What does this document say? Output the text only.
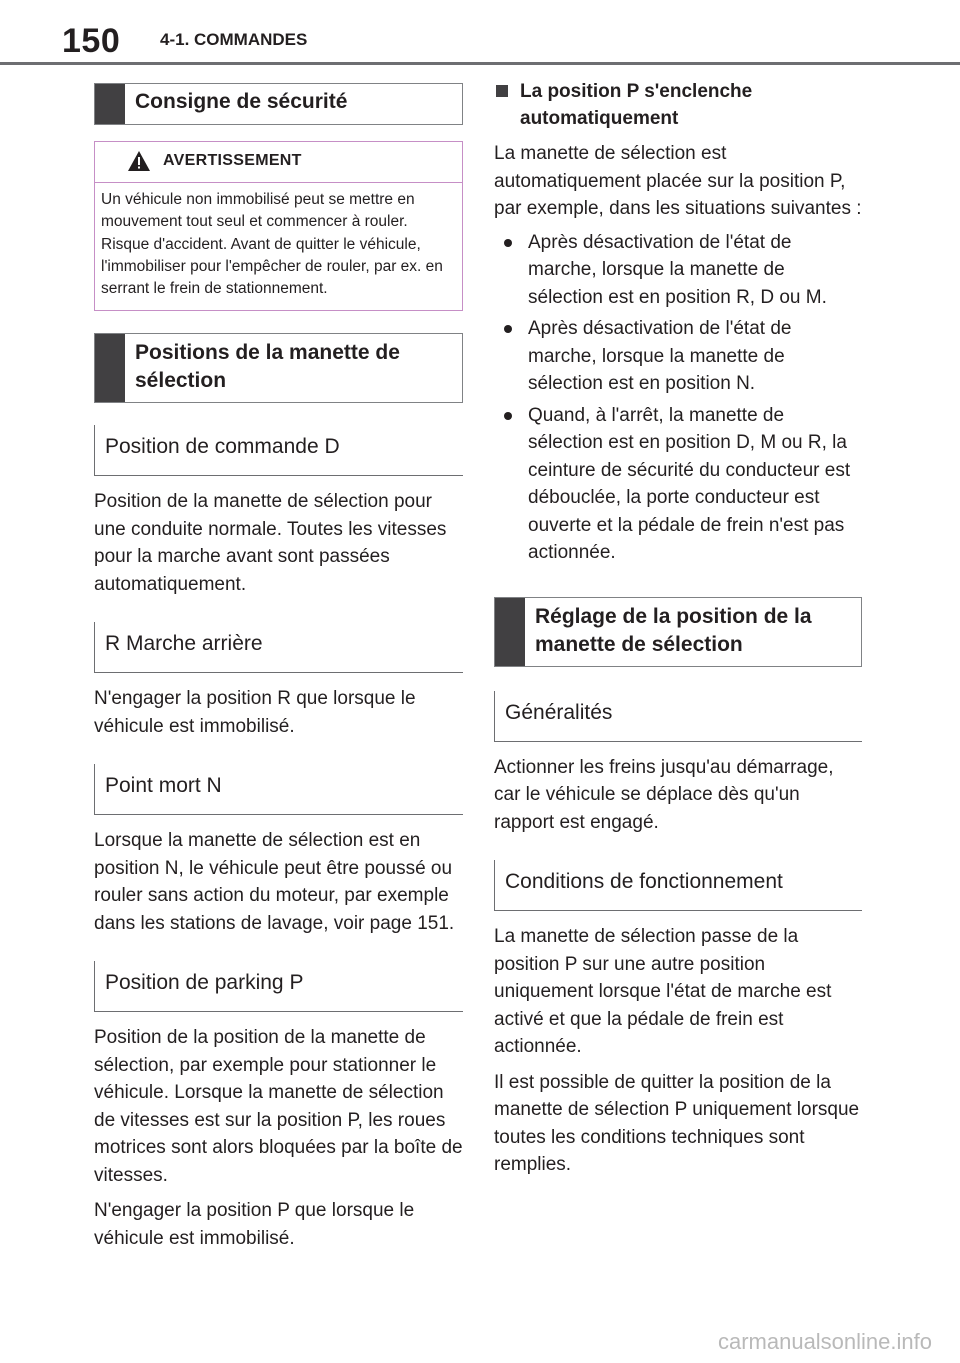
150 4-1. COMMANDES
Consigne de sécurité
AVERTISSEMENT
Un véhicule non immobilisé peut se mettre en mouvement tout seul et commencer à rouler. Risque d'accident. Avant de quitter le véhicule, l'immobiliser pour l'empêcher de rouler, par ex. en serrant le frein de stationnement.
Positions de la manette de sélection
Position de commande D

Position de la manette de sélection pour une conduite normale. Toutes les vitesses pour la marche avant sont passées automatiquement.

R Marche arrière

N'engager la position R que lorsque le véhicule est immobilisé.

Point mort N

Lorsque la manette de sélection est en position N, le véhicule peut être poussé ou rouler sans action du moteur, par exemple dans les stations de lavage, voir page 151.

Position de parking P

Position de la position de la manette de sélection, par exemple pour stationner le véhicule. Lorsque la manette de sélection de vitesses est sur la position P, les roues motrices sont alors bloquées par la boîte de vitesses.

N'engager la position P que lorsque le véhicule est immobilisé.

La position P s'enclenche automatiquement

La manette de sélection est automatiquement placée sur la position P, par exemple, dans les situations suivantes :

Après désactivation de l'état de marche, lorsque la manette de sélection est en position R, D ou M.
Après désactivation de l'état de marche, lorsque la manette de sélection est en position N.
Quand, à l'arrêt, la manette de sélection est en position D, M ou R, la ceinture de sécurité du conducteur est débouclée, la porte conducteur est ouverte et la pédale de frein n'est pas actionnée.
Réglage de la position de la manette de sélection
Généralités

Actionner les freins jusqu'au démarrage, car le véhicule se déplace dès qu'un rapport est engagé.

Conditions de fonctionnement

La manette de sélection passe de la position P sur une autre position uniquement lorsque l'état de marche est activé et que la pédale de frein est actionnée.

Il est possible de quitter la position de la manette de sélection P uniquement lorsque toutes les conditions techniques sont remplies.

carmanualsonline.info
